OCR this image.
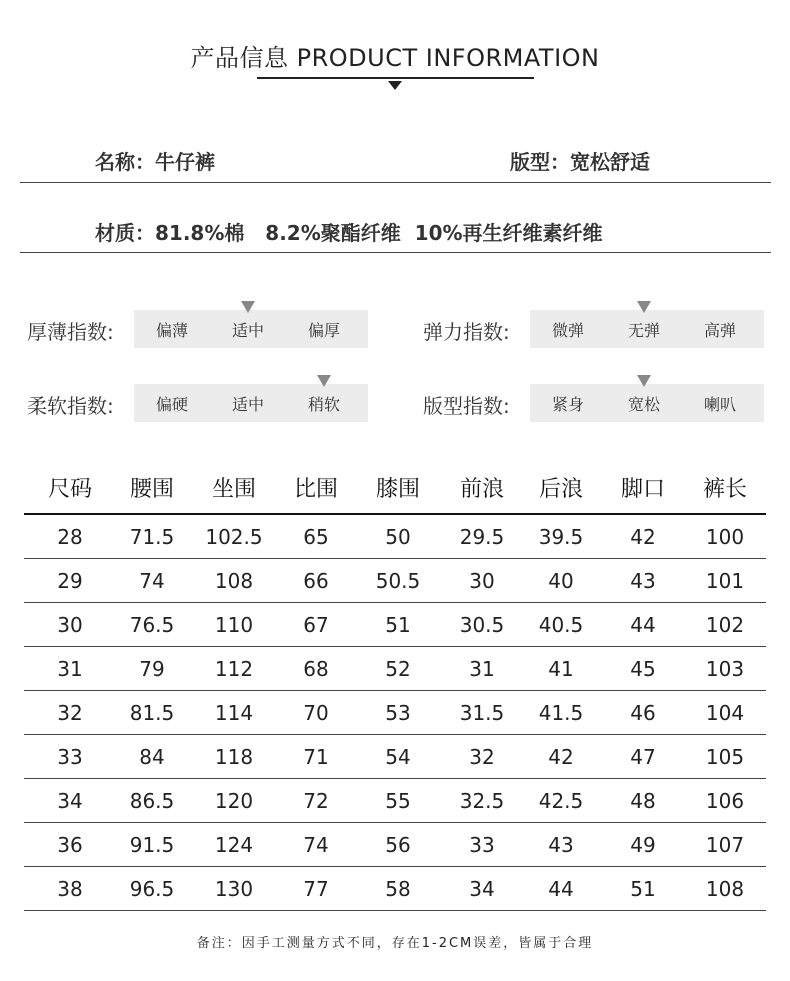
产品信息 PRODUCT INFORMATION
名称：牛仔裤	版型：宽松舒适
材质：81.8%棉   8.2%聚酯纤维  10%再生纤维素纤维
厚薄指数:	偏薄	适中	偏厚	弹力指数:	微弹	无弹	高弹
柔软指数:	偏硬	适中	稍软	版型指数:	紧身	宽松	喇叭
尺码	腰围	坐围	比围	膝围	前浪	后浪	脚口	裤长
28	71.5	102.5	65	50	29.5	39.5	42	100
29	74	108	66	50.5	30	40	43	101
30	76.5	110	67	51	30.5	40.5	44	102
31	79	112	68	52	31	41	45	103
32	81.5	114	70	53	31.5	41.5	46	104
33	84	118	71	54	32	42	47	105
34	86.5	120	72	55	32.5	42.5	48	106
36	91.5	124	74	56	33	43	49	107
38	96.5	130	77	58	34	44	51	108
备注：因手工测量方式不同，存在1-2CM误差，皆属于合理
